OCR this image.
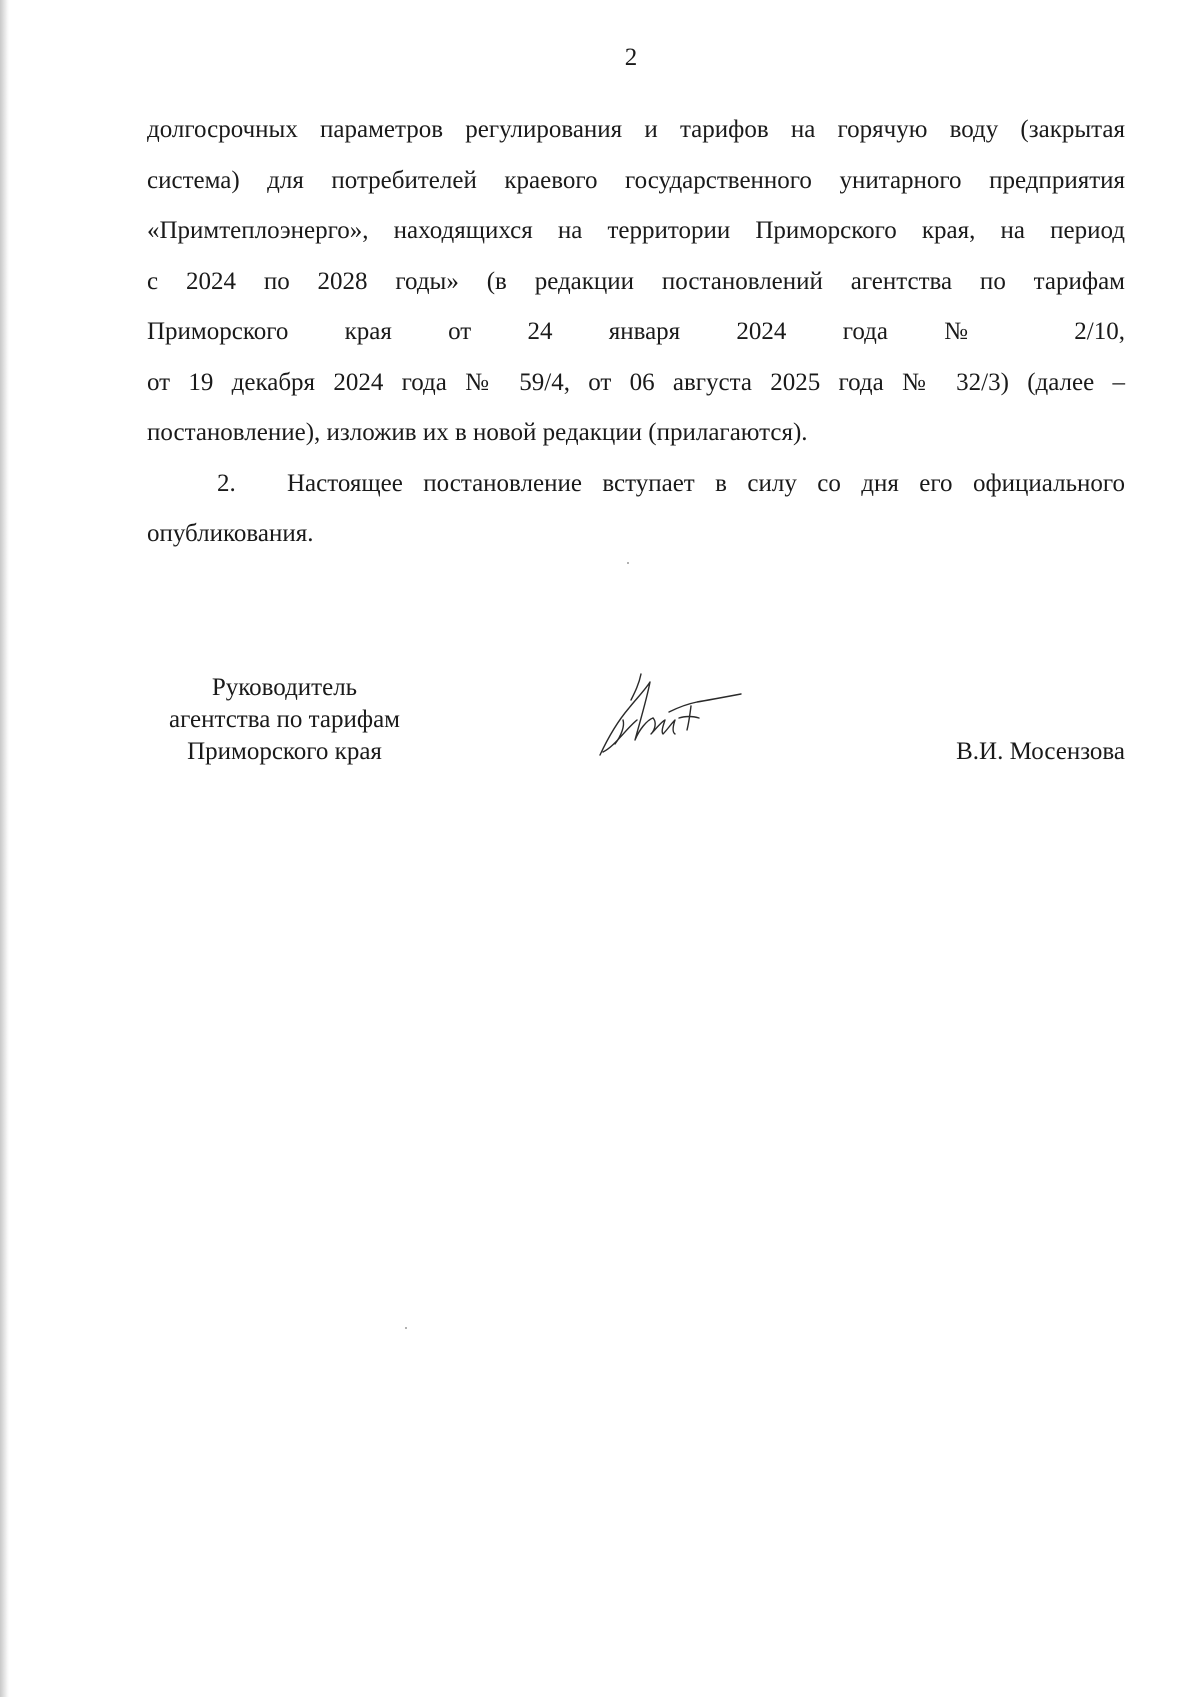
2
долгосрочных параметров регулирования и тарифов на горячую воду (закрытая
система) для потребителей краевого государственного унитарного предприятия
«Примтеплоэнерго», находящихся на территории Приморского края, на период
с 2024 по 2028 годы» (в редакции постановлений агентства по тарифам
Приморского края от 24 января 2024 года № 2/10,
от 19 декабря 2024 года № 59/4, от 06 августа 2025 года № 32/3) (далее –
постановление), изложив их в новой редакции (прилагаются).
2. Настоящее постановление вступает в силу со дня его официального
опубликования.
Руководитель
агентства по тарифам
Приморского края	В.И. Мосензова
